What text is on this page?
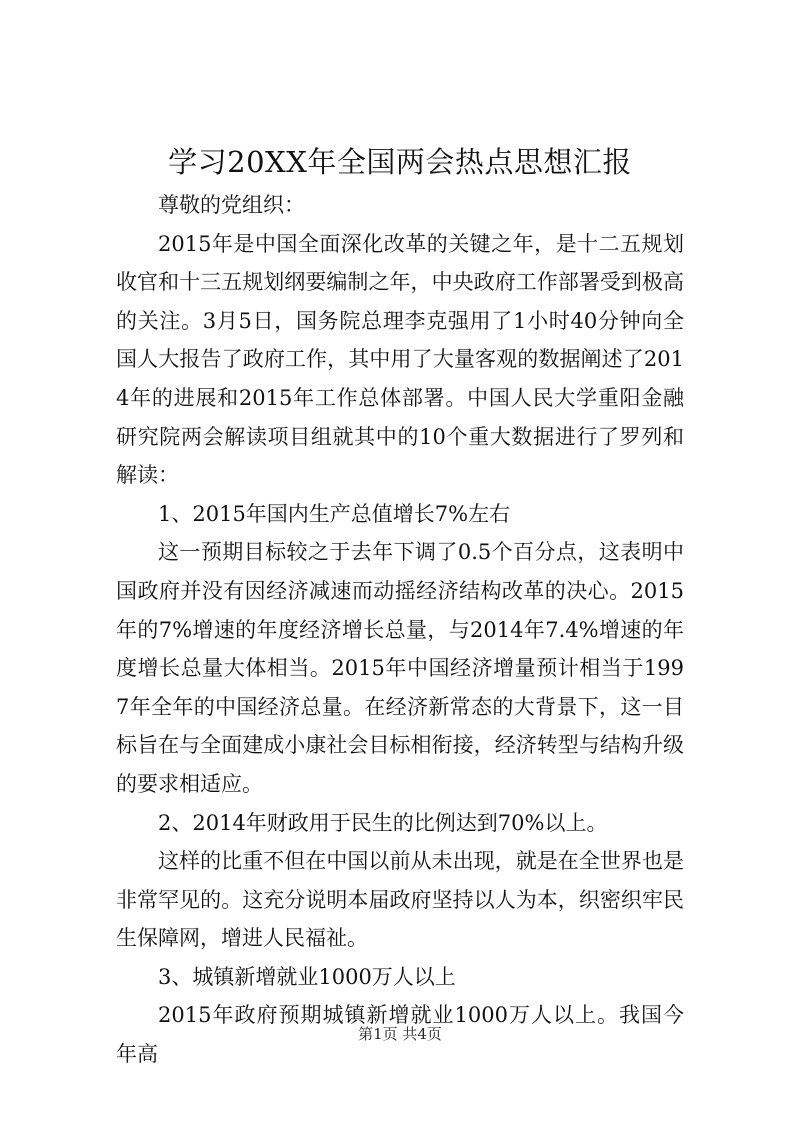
学习20XX年全国两会热点思想汇报

尊敬的党组织：

2015年是中国全面深化改革的关键之年，是十二五规划收官和十三五规划纲要编制之年，中央政府工作部署受到极高的关注。3月5日，国务院总理李克强用了1小时40分钟向全国人大报告了政府工作，其中用了大量客观的数据阐述了2014年的进展和2015年工作总体部署。中国人民大学重阳金融研究院两会解读项目组就其中的10个重大数据进行了罗列和解读：

1、2015年国内生产总值增长7%左右

这一预期目标较之于去年下调了0.5个百分点，这表明中国政府并没有因经济减速而动摇经济结构改革的决心。2015年的7%增速的年度经济增长总量，与2014年7.4%增速的年度增长总量大体相当。2015年中国经济增量预计相当于1997年全年的中国经济总量。在经济新常态的大背景下，这一目标旨在与全面建成小康社会目标相衔接，经济转型与结构升级的要求相适应。

2、2014年财政用于民生的比例达到70%以上。

这样的比重不但在中国以前从未出现，就是在全世界也是非常罕见的。这充分说明本届政府坚持以人为本，织密织牢民生保障网，增进人民福祉。

3、城镇新增就业1000万人以上

2015年政府预期城镇新增就业1000万人以上。我国今年高

第1页 共4页
